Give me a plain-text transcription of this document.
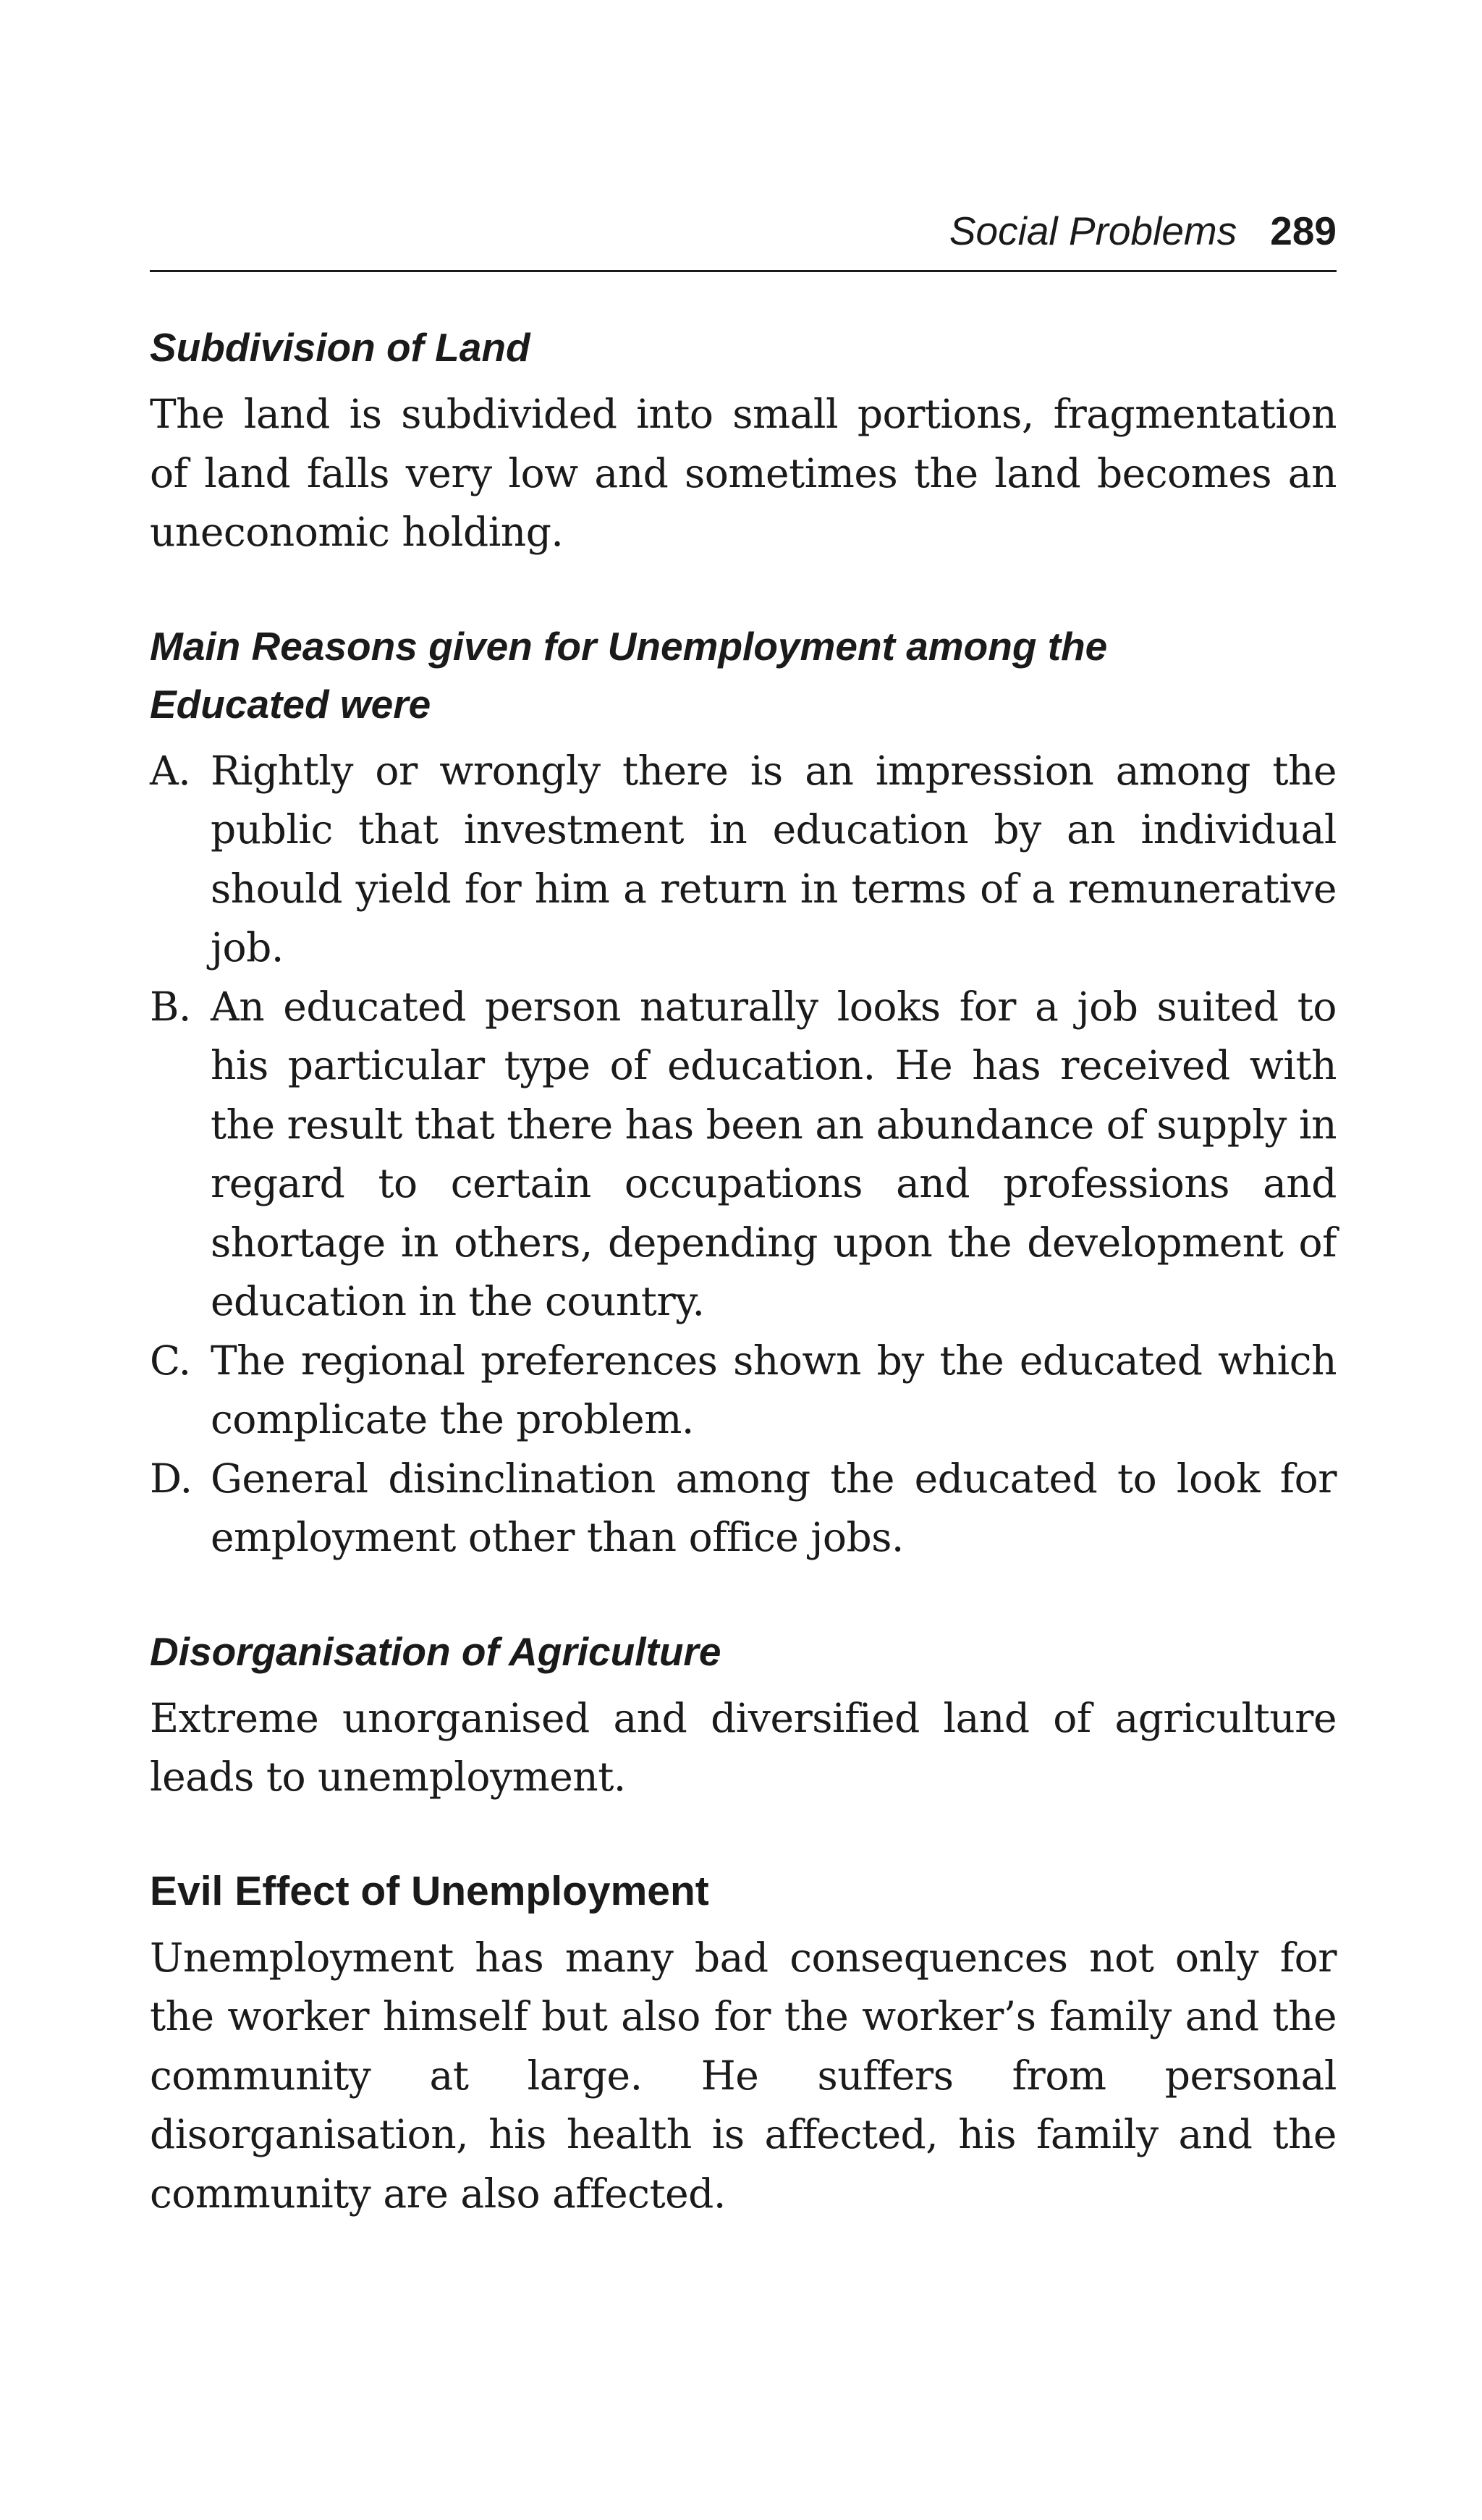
Social Problems 289
Subdivision of Land

The land is subdivided into small portions, fragmentation of land falls very low and sometimes the land becomes an uneconomic holding.

Main Reasons given for Unemployment among the
Educated were
A. Rightly or wrongly there is an impression among the public that investment in education by an individual should yield for him a return in terms of a remunerative job.
B. An educated person naturally looks for a job suited to his particular type of education. He has received with the result that there has been an abundance of supply in regard to certain occupations and professions and shortage in others, depending upon the development of education in the country.
C. The regional preferences shown by the educated which complicate the problem.
D. General disinclination among the educated to look for employment other than office jobs.
Disorganisation of Agriculture

Extreme unorganised and diversified land of agriculture leads to unemployment.

Evil Effect of Unemployment

Unemployment has many bad consequences not only for the worker himself but also for the worker’s family and the community at large. He suffers from personal disorganisation, his health is affected, his family and the community are also affected.
